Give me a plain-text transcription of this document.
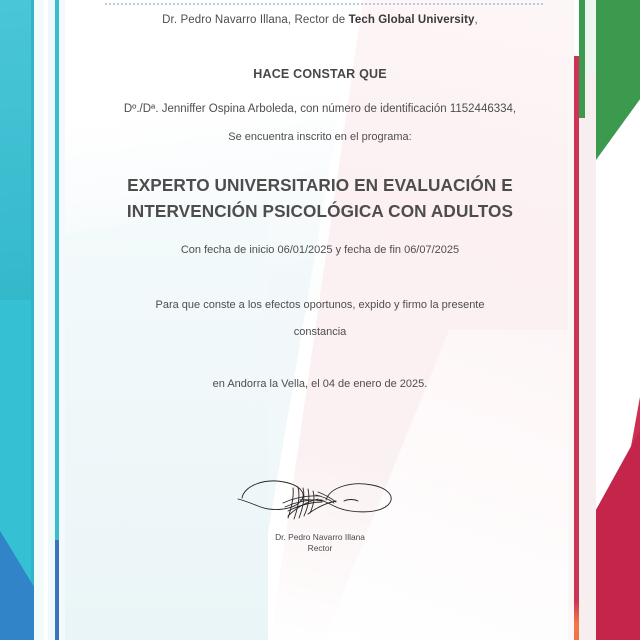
Dr. Pedro Navarro Illana, Rector de Tech Global University,
HACE CONSTAR QUE
Dº./Dª. Jenniffer Ospina Arboleda, con número de identificación 1152446334,
Se encuentra inscrito en el programa:
EXPERTO UNIVERSITARIO EN EVALUACIÓN E INTERVENCIÓN PSICOLÓGICA CON ADULTOS
Con fecha de inicio 06/01/2025 y fecha de fin 06/07/2025
Para que conste a los efectos oportunos, expido y firmo la presente
constancia
en Andorra la Vella, el 04 de enero de 2025.
Dr. Pedro Navarro Illana
Rector
